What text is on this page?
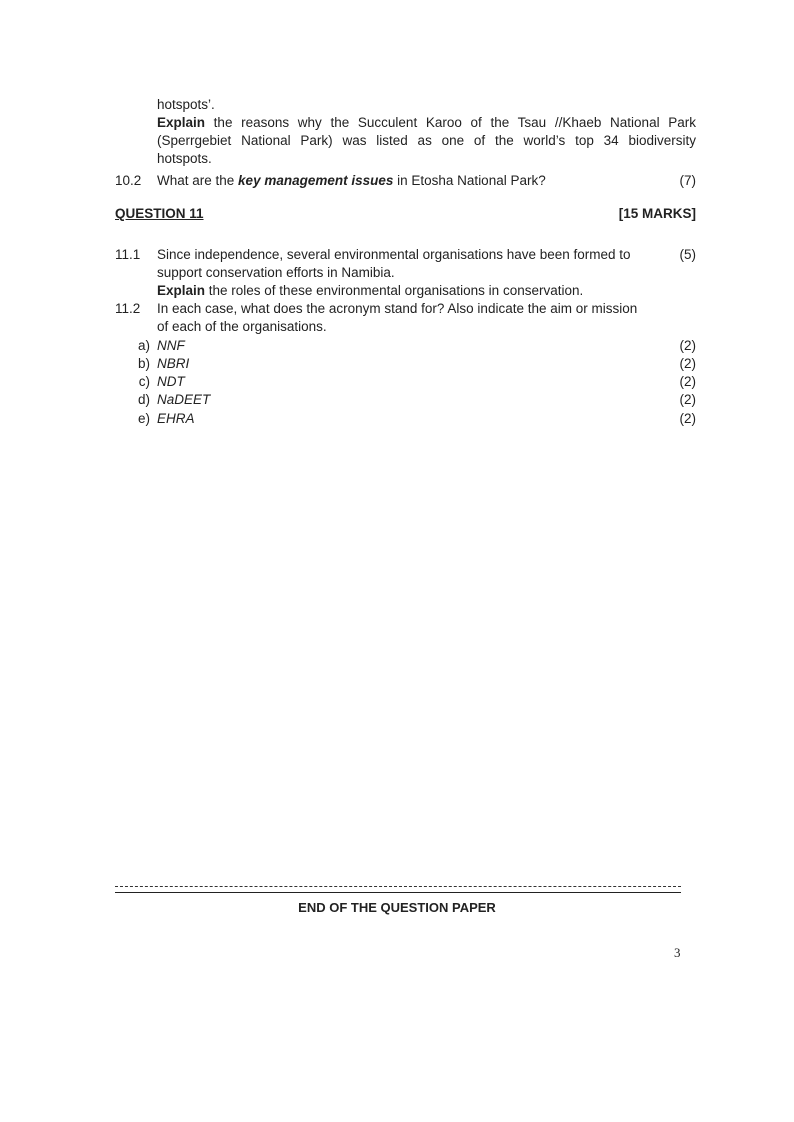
hotspots’.
Explain the reasons why the Succulent Karoo of the Tsau //Khaeb National Park
(Sperrgebiet National Park) was listed as one of the world’s top 34 biodiversity
hotspots.
10.2 What are the key management issues in Etosha National Park?	(7)
QUESTION 11	[15 MARKS]
11.1 Since independence, several environmental organisations have been formed to	(5)
support conservation efforts in Namibia.
Explain the roles of these environmental organisations in conservation.
11.2 In each case, what does the acronym stand for? Also indicate the aim or mission
of each of the organisations.
a) NNF	(2)
b) NBRI	(2)
c) NDT	(2)
d) NaDEET	(2)
e) EHRA	(2)
END OF THE QUESTION PAPER
3
